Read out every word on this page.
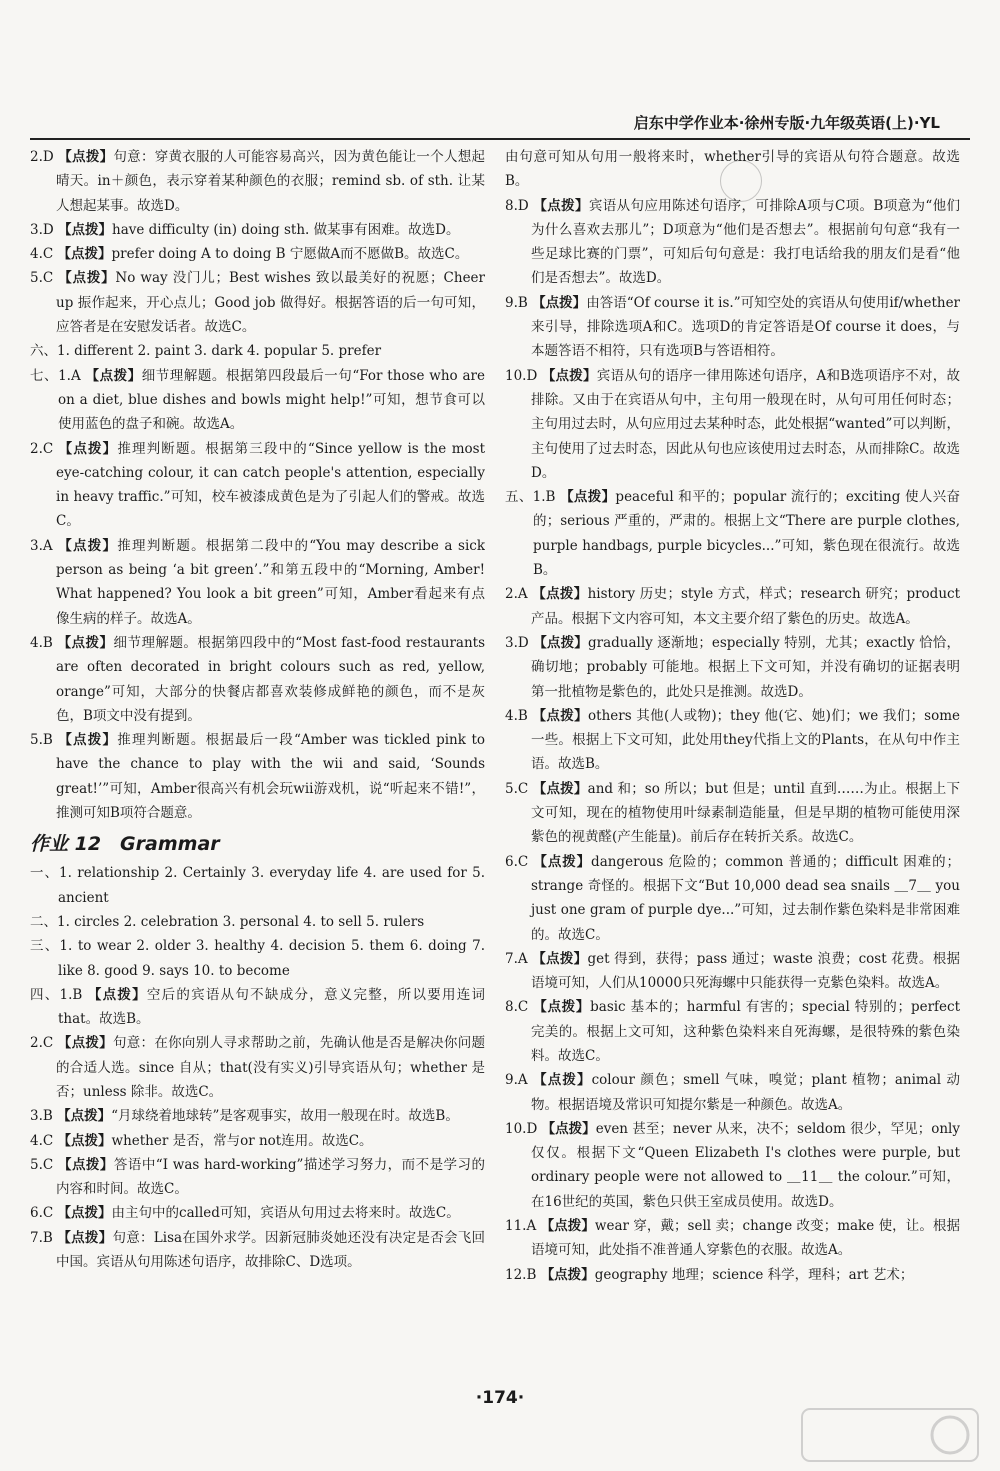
启东中学作业本·徐州专版·九年级英语(上)·YL

2.D 【点拨】句意：穿黄衣服的人可能容易高兴，因为黄色能让一个人想起晴天。in＋颜色，表示穿着某种颜色的衣服；remind sb. of sth. 让某人想起某事。故选D。

3.D 【点拨】have difficulty (in) doing sth. 做某事有困难。故选D。

4.C 【点拨】prefer doing A to doing B 宁愿做A而不愿做B。故选C。

5.C 【点拨】No way 没门儿；Best wishes 致以最美好的祝愿；Cheer up 振作起来，开心点儿；Good job 做得好。根据答语的后一句可知，应答者是在安慰发话者。故选C。

六、1. different 2. paint 3. dark 4. popular 5. prefer

七、1.A 【点拨】细节理解题。根据第四段最后一句“For those who are on a diet, blue dishes and bowls might help!”可知，想节食可以使用蓝色的盘子和碗。故选A。

2.C 【点拨】推理判断题。根据第三段中的“Since yellow is the most eye-catching colour, it can catch people's attention, especially in heavy traffic.”可知，校车被漆成黄色是为了引起人们的警戒。故选C。

3.A 【点拨】推理判断题。根据第二段中的“You may describe a sick person as being ‘a bit green’.”和第五段中的“Morning, Amber! What happened? You look a bit green”可知，Amber看起来有点像生病的样子。故选A。

4.B 【点拨】细节理解题。根据第四段中的“Most fast-food restaurants are often decorated in bright colours such as red, yellow, orange”可知，大部分的快餐店都喜欢装修成鲜艳的颜色，而不是灰色，B项文中没有提到。

5.B 【点拨】推理判断题。根据最后一段“Amber was tickled pink to have the chance to play with the wii and said, ‘Sounds great!’”可知，Amber很高兴有机会玩wii游戏机，说“听起来不错!”，推测可知B项符合题意。

作业 12　Grammar

一、1. relationship 2. Certainly 3. everyday life 4. are used for 5. ancient

二、1. circles 2. celebration 3. personal 4. to sell 5. rulers

三、1. to wear 2. older 3. healthy 4. decision 5. them 6. doing 7. like 8. good 9. says 10. to become

四、1.B 【点拨】空后的宾语从句不缺成分，意义完整，所以要用连词that。故选B。

2.C 【点拨】句意：在你向别人寻求帮助之前，先确认他是否是解决你问题的合适人选。since 自从；that(没有实义)引导宾语从句；whether 是否；unless 除非。故选C。

3.B 【点拨】“月球绕着地球转”是客观事实，故用一般现在时。故选B。

4.C 【点拨】whether 是否，常与or not连用。故选C。

5.C 【点拨】答语中“I was hard-working”描述学习努力，而不是学习的内容和时间。故选C。

6.C 【点拨】由主句中的called可知，宾语从句用过去将来时。故选C。

7.B 【点拨】句意：Lisa在国外求学。因新冠肺炎她还没有决定是否会飞回中国。宾语从句用陈述句语序，故排除C、D选项。

由句意可知从句用一般将来时，whether引导的宾语从句符合题意。故选B。

8.D 【点拨】宾语从句应用陈述句语序，可排除A项与C项。B项意为“他们为什么喜欢去那儿”；D项意为“他们是否想去”。根据前句句意“我有一些足球比赛的门票”，可知后句句意是：我打电话给我的朋友们是看“他们是否想去”。故选D。

9.B 【点拨】由答语“Of course it is.”可知空处的宾语从句使用if/whether来引导，排除选项A和C。选项D的肯定答语是Of course it does，与本题答语不相符，只有选项B与答语相符。

10.D 【点拨】宾语从句的语序一律用陈述句语序，A和B选项语序不对，故排除。又由于在宾语从句中，主句用一般现在时，从句可用任何时态；主句用过去时，从句应用过去某种时态，此处根据“wanted”可以判断，主句使用了过去时态，因此从句也应该使用过去时态，从而排除C。故选D。

五、1.B 【点拨】peaceful 和平的；popular 流行的；exciting 使人兴奋的；serious 严重的，严肃的。根据上文“There are purple clothes, purple handbags, purple bicycles...”可知，紫色现在很流行。故选B。

2.A 【点拨】history 历史；style 方式，样式；research 研究；product 产品。根据下文内容可知，本文主要介绍了紫色的历史。故选A。

3.D 【点拨】gradually 逐渐地；especially 特别，尤其；exactly 恰恰，确切地；probably 可能地。根据上下文可知，并没有确切的证据表明第一批植物是紫色的，此处只是推测。故选D。

4.B 【点拨】others 其他(人或物)；they 他(它、她)们；we 我们；some 一些。根据上下文可知，此处用they代指上文的Plants，在从句中作主语。故选B。

5.C 【点拨】and 和；so 所以；but 但是；until 直到……为止。根据上下文可知，现在的植物使用叶绿素制造能量，但是早期的植物可能使用深紫色的视黄醛(产生能量)。前后存在转折关系。故选C。

6.C 【点拨】dangerous 危险的；common 普通的；difficult 困难的；strange 奇怪的。根据下文“But 10,000 dead sea snails ＿7＿ you just one gram of purple dye...”可知，过去制作紫色染料是非常困难的。故选C。

7.A 【点拨】get 得到，获得；pass 通过；waste 浪费；cost 花费。根据语境可知，人们从10000只死海螺中只能获得一克紫色染料。故选A。

8.C 【点拨】basic 基本的；harmful 有害的；special 特别的；perfect 完美的。根据上文可知，这种紫色染料来自死海螺，是很特殊的紫色染料。故选C。

9.A 【点拨】colour 颜色；smell 气味，嗅觉；plant 植物；animal 动物。根据语境及常识可知提尔紫是一种颜色。故选A。

10.D 【点拨】even 甚至；never 从来，决不；seldom 很少，罕见；only 仅仅。根据下文“Queen Elizabeth I's clothes were purple, but ordinary people were not allowed to ＿11＿ the colour.”可知，在16世纪的英国，紫色只供王室成员使用。故选D。

11.A 【点拨】wear 穿，戴；sell 卖；change 改变；make 使，让。根据语境可知，此处指不准普通人穿紫色的衣服。故选A。

12.B 【点拨】geography 地理；science 科学，理科；art 艺术；

·174·
